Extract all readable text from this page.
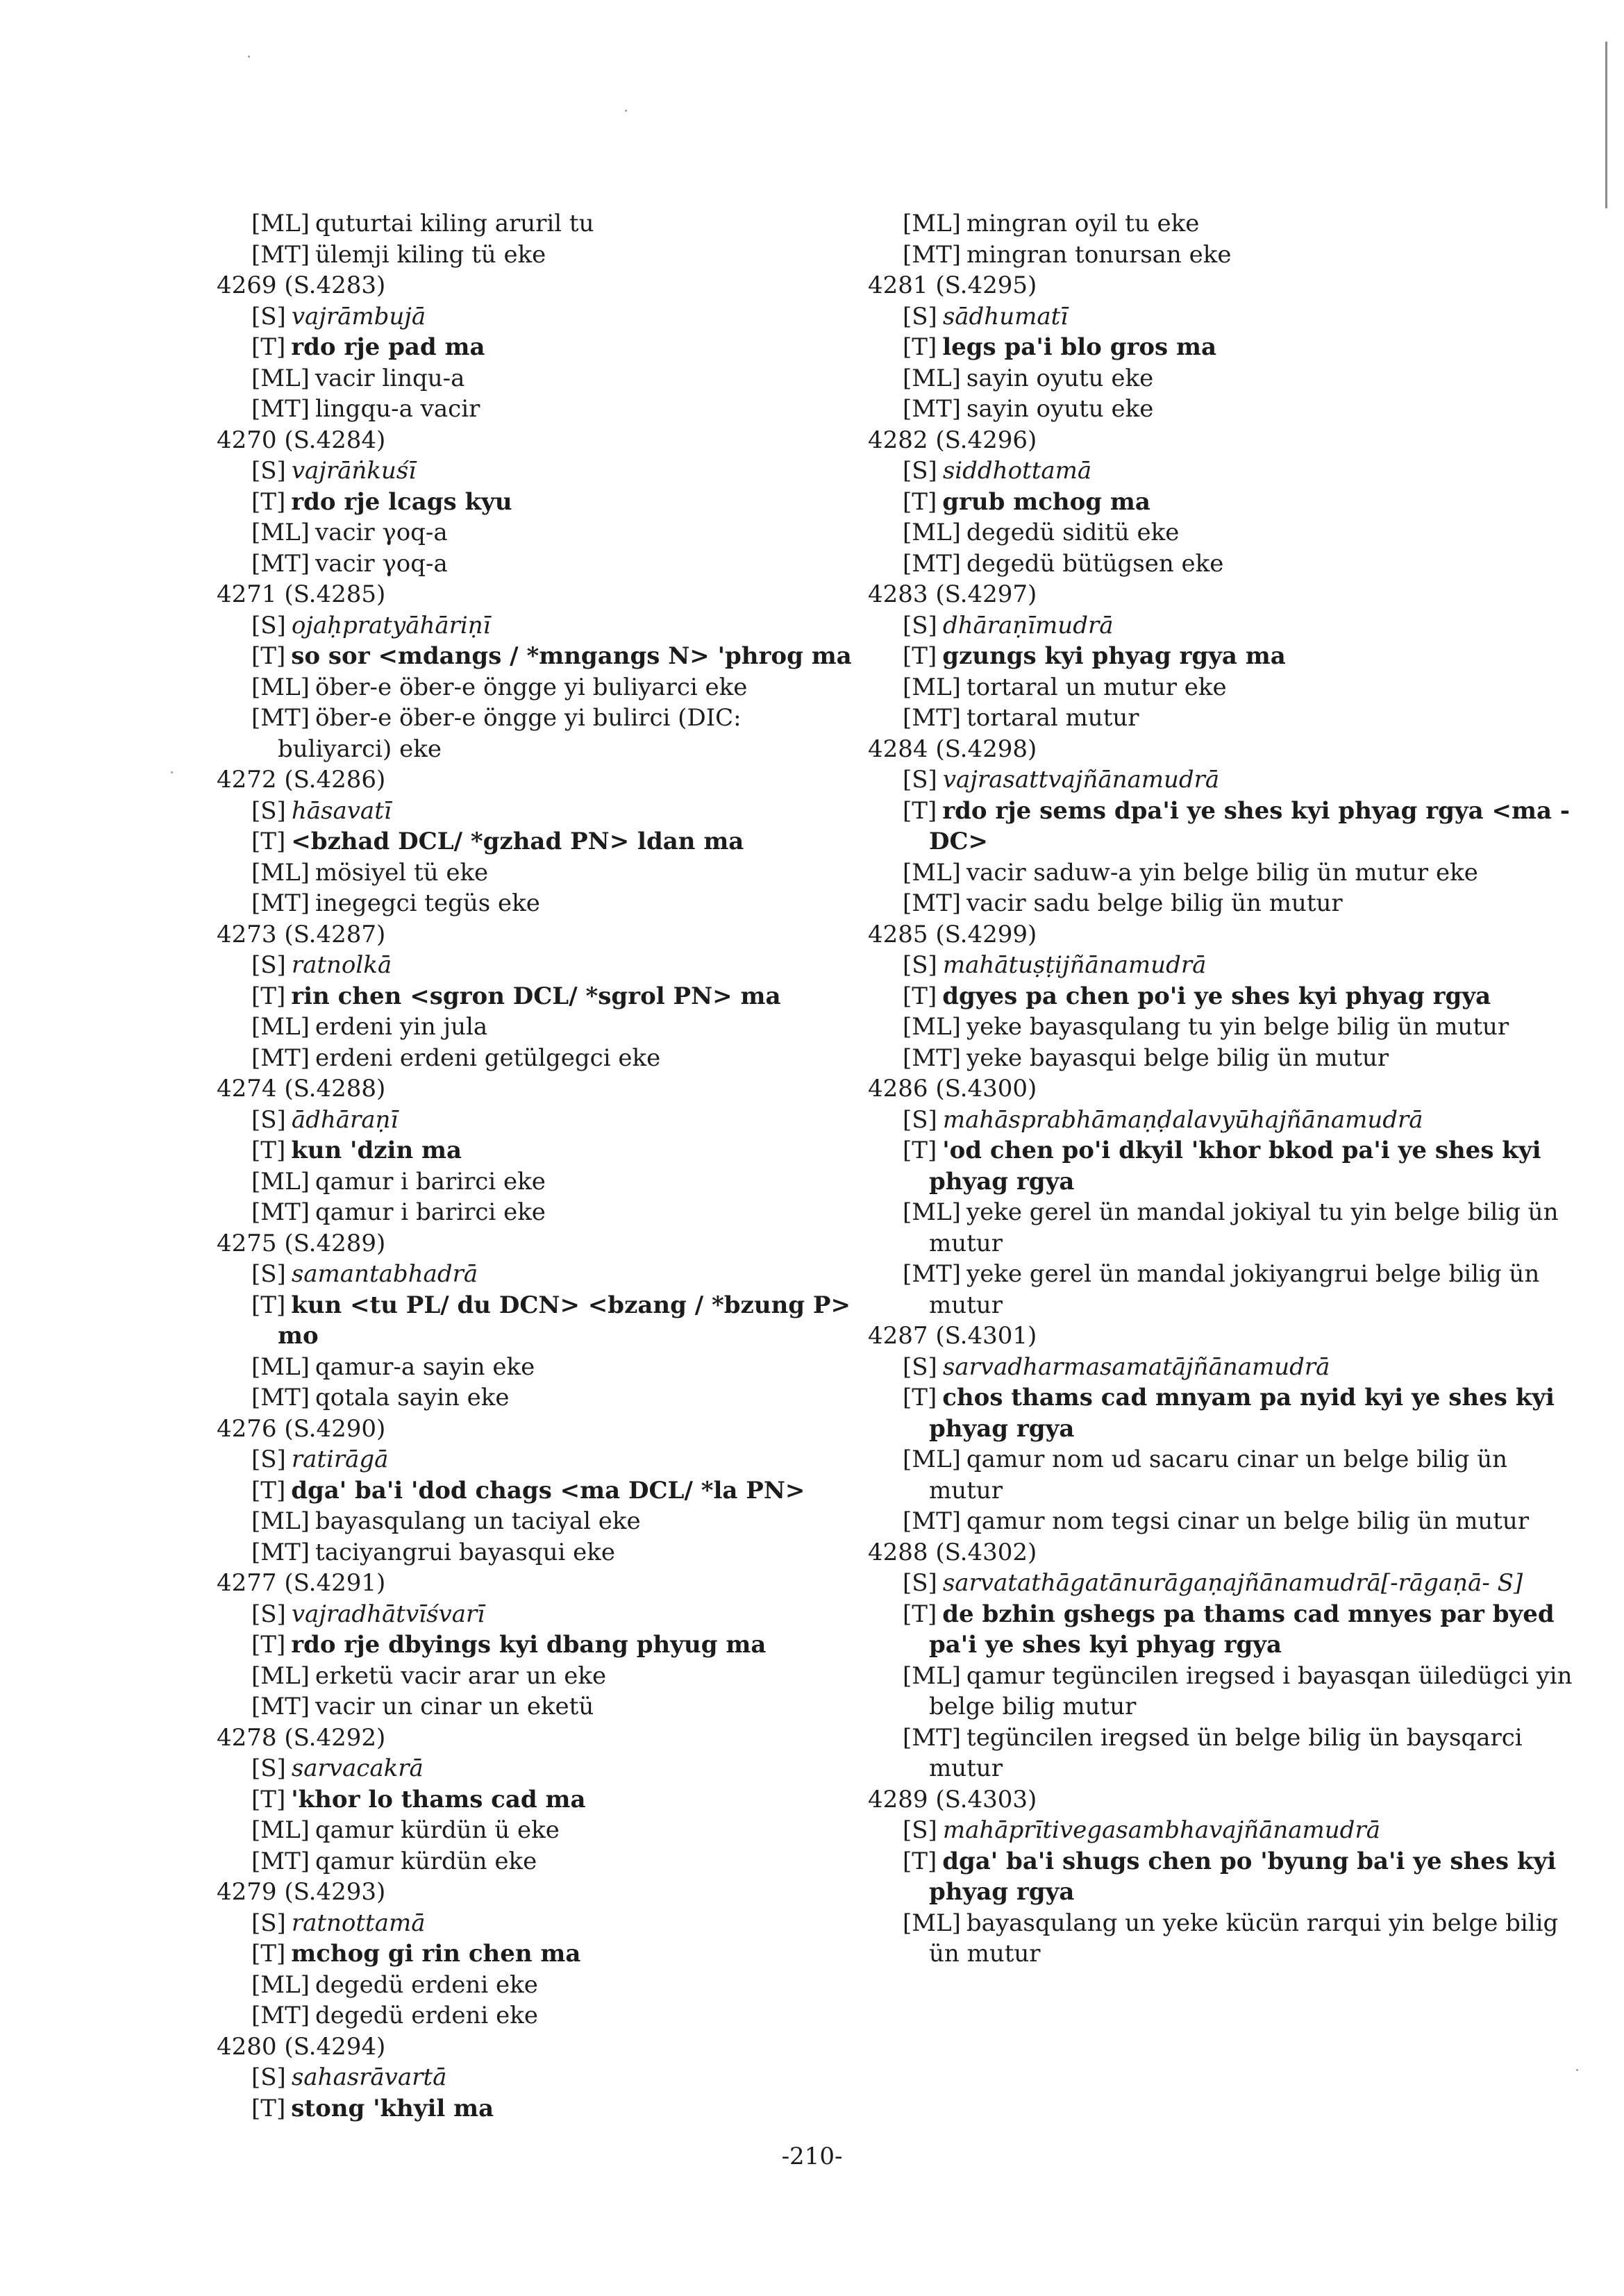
[ML] quturtai kiling aruril tu
[MT] ülemji kiling tü eke
4269 (S.4283)
[S] vajrāmbujā
[T] rdo rje pad ma
[ML] vacir linqu-a
[MT] lingqu-a vacir
4270 (S.4284)
[S] vajrāṅkuśī
[T] rdo rje lcags kyu
[ML] vacir γoq-a
[MT] vacir γoq-a
4271 (S.4285)
[S] ojaḥpratyāhāriṇī
[T] so sor <mdangs / *mngangs N> 'phrog ma
[ML] öber-e öber-e öngge yi buliyarci eke
[MT] öber-e öber-e öngge yi bulirci (DIC: buliyarci) eke
4272 (S.4286)
[S] hāsavatī
[T] <bzhad DCL/ *gzhad PN> ldan ma
[ML] mösiyel tü eke
[MT] inegegci tegüs eke
4273 (S.4287)
[S] ratnolkā
[T] rin chen <sgron DCL/ *sgrol PN> ma
[ML] erdeni yin jula
[MT] erdeni erdeni getülgegci eke
4274 (S.4288)
[S] ādhāraṇī
[T] kun 'dzin ma
[ML] qamur i barirci eke
[MT] qamur i barirci eke
4275 (S.4289)
[S] samantabhadrā
[T] kun <tu PL/ du DCN> <bzang / *bzung P> mo
[ML] qamur-a sayin eke
[MT] qotala sayin eke
4276 (S.4290)
[S] ratirāgā
[T] dga' ba'i 'dod chags <ma DCL/ *la PN>
[ML] bayasqulang un taciyal eke
[MT] taciyangrui bayasqui eke
4277 (S.4291)
[S] vajradhātvīśvarī
[T] rdo rje dbyings kyi dbang phyug ma
[ML] erketü vacir arar un eke
[MT] vacir un cinar un eketü
4278 (S.4292)
[S] sarvacakrā
[T] 'khor lo thams cad ma
[ML] qamur kürdün ü eke
[MT] qamur kürdün eke
4279 (S.4293)
[S] ratnottamā
[T] mchog gi rin chen ma
[ML] degedü erdeni eke
[MT] degedü erdeni eke
4280 (S.4294)
[S] sahasrāvartā
[T] stong 'khyil ma
[ML] mingran oyil tu eke
[MT] mingran tonursan eke
4281 (S.4295)
[S] sādhumatī
[T] legs pa'i blo gros ma
[ML] sayin oyutu eke
[MT] sayin oyutu eke
4282 (S.4296)
[S] siddhottamā
[T] grub mchog ma
[ML] degedü siditü eke
[MT] degedü bütügsen eke
4283 (S.4297)
[S] dhāraṇīmudrā
[T] gzungs kyi phyag rgya ma
[ML] tortaral un mutur eke
[MT] tortaral mutur
4284 (S.4298)
[S] vajrasattvajñānamudrā
[T] rdo rje sems dpa'i ye shes kyi phyag rgya <ma -DC>
[ML] vacir saduw-a yin belge bilig ün mutur eke
[MT] vacir sadu belge bilig ün mutur
4285 (S.4299)
[S] mahātuṣṭijñānamudrā
[T] dgyes pa chen po'i ye shes kyi phyag rgya
[ML] yeke bayasqulang tu yin belge bilig ün mutur
[MT] yeke bayasqui belge bilig ün mutur
4286 (S.4300)
[S] mahāsprabhāmaṇḍalavyūhajñānamudrā
[T] 'od chen po'i dkyil 'khor bkod pa'i ye shes kyi phyag rgya
[ML] yeke gerel ün mandal jokiyal tu yin belge bilig ün mutur
[MT] yeke gerel ün mandal jokiyangrui belge bilig ün mutur
4287 (S.4301)
[S] sarvadharmasamatājñānamudrā
[T] chos thams cad mnyam pa nyid kyi ye shes kyi phyag rgya
[ML] qamur nom ud sacaru cinar un belge bilig ün mutur
[MT] qamur nom tegsi cinar un belge bilig ün mutur
4288 (S.4302)
[S] sarvatathāgatānurāgaṇajñānamudrā[-rāgaṇā- S]
[T] de bzhin gshegs pa thams cad mnyes par byed pa'i ye shes kyi phyag rgya
[ML] qamur tegüncilen iregsed i bayasqan üiledügci yin belge bilig mutur
[MT] tegüncilen iregsed ün belge bilig ün baysqarci mutur
4289 (S.4303)
[S] mahāprītivegasambhavajñānamudrā
[T] dga' ba'i shugs chen po 'byung ba'i ye shes kyi phyag rgya
[ML] bayasqulang un yeke kücün rarqui yin belge bilig ün mutur
-210-
